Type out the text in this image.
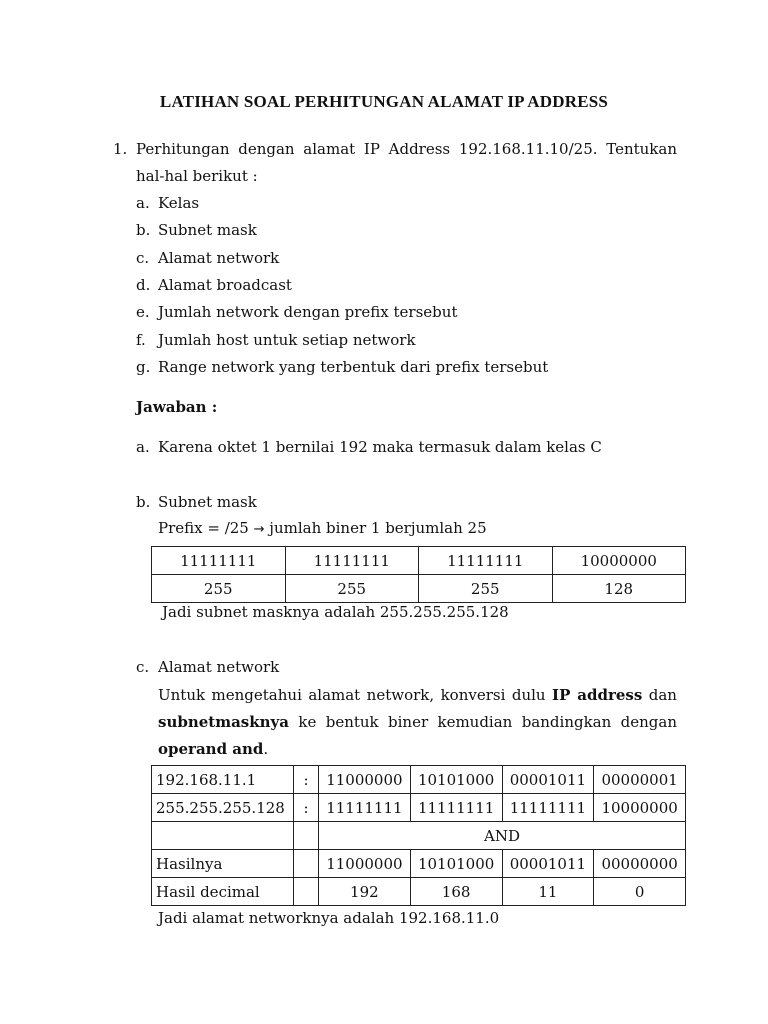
LATIHAN SOAL PERHITUNGAN ALAMAT IP ADDRESS
1. Perhitungan dengan alamat IP Address 192.168.11.10/25. Tentukan
hal-hal berikut :
a. Kelas
b. Subnet mask
c. Alamat network
d. Alamat broadcast
e. Jumlah network dengan prefix tersebut
f. Jumlah host untuk setiap network
g. Range network yang terbentuk dari prefix tersebut
Jawaban :
a. Karena oktet 1 bernilai 192 maka termasuk dalam kelas C
b. Subnet mask
Prefix = /25 → jumlah biner 1 berjumlah 25
11111111	11111111	11111111	10000000
255	255	255	128
Jadi subnet masknya adalah 255.255.255.128
c. Alamat network
Untuk mengetahui alamat network, konversi dulu IP address dan
subnetmasknya ke bentuk biner kemudian bandingkan dengan
operand and.
192.168.11.1	:	11000000	10101000	00001011	00000001
255.255.255.128	:	11111111	11111111	11111111	10000000
		AND			
Hasilnya		11000000	10101000	00001011	00000000
Hasil decimal		192	168	11	0
Jadi alamat networknya adalah 192.168.11.0
